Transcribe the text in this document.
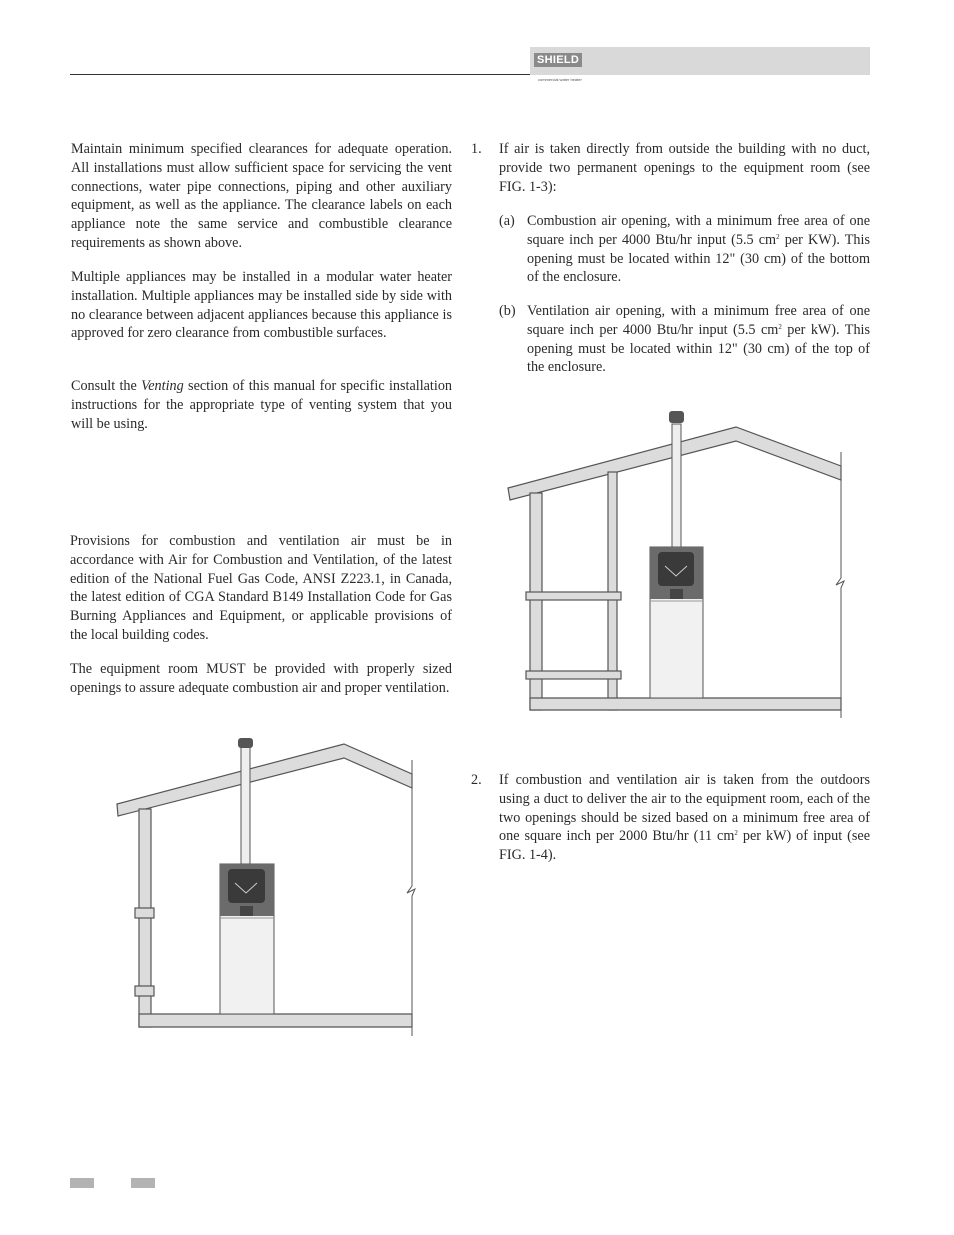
SHIELD
commercial water heater

Maintain minimum specified clearances for adequate operation. All installations must allow sufficient space for servicing the vent connections, water pipe connections, piping and other auxiliary equipment, as well as the appliance. The clearance labels on each appliance note the same service and combustible clearance requirements as shown above.

Multiple appliances may be installed in a modular water heater installation. Multiple appliances may be installed side by side with no clearance between adjacent appliances because this appliance is approved for zero clearance from combustible surfaces.

Consult the Venting section of this manual for specific installation instructions for the appropriate type of venting system that you will be using.

Provisions for combustion and ventilation air must be in accordance with Air for Combustion and Ventilation, of the latest edition of the National Fuel Gas Code, ANSI Z223.1, in Canada, the latest edition of CGA Standard B149 Installation Code for Gas Burning Appliances and Equipment, or applicable provisions of the local building codes.

The equipment room MUST be provided with properly sized openings to assure adequate combustion air and proper ventilation.

1. If air is taken directly from outside the building with no duct, provide two permanent openings to the equipment room (see FIG. 1-3):

(a) Combustion air opening, with a minimum free area of one square inch per 4000 Btu/hr input (5.5 $cm^2$ per KW). This opening must be located within 12" (30 cm) of the bottom of the enclosure.

(b) Ventilation air opening, with a minimum free area of one square inch per 4000 Btu/hr input (5.5 $cm^2$ per kW). This opening must be located within 12" (30 cm) of the top of the enclosure.

2. If combustion and ventilation air is taken from the outdoors using a duct to deliver the air to the equipment room, each of the two openings should be sized based on a minimum free area of one square inch per 2000 Btu/hr (11 $cm^2$ per kW) of input (see FIG. 1-4).
